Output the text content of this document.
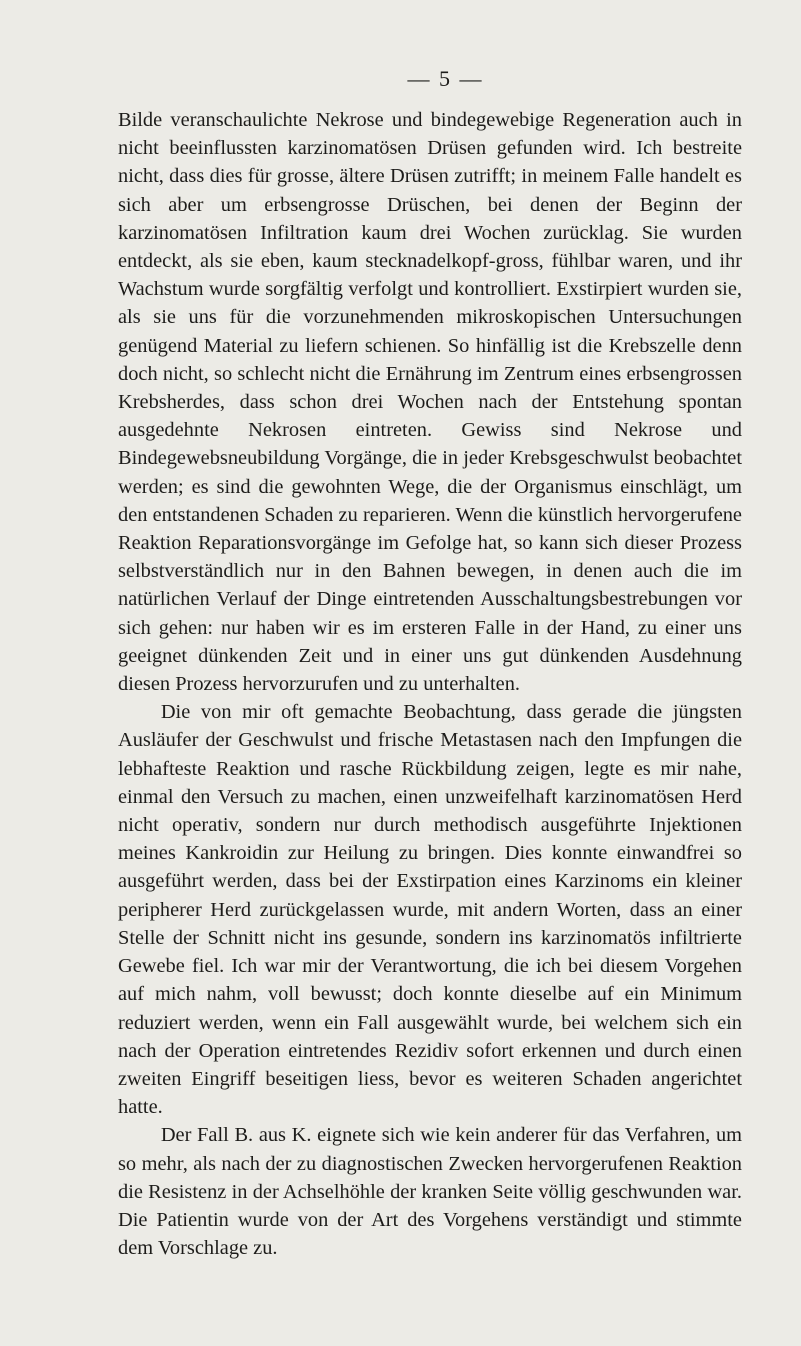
— 5 —

Bilde veranschaulichte Nekrose und bindegewebige Regeneration auch in nicht beeinflussten karzinomatösen Drüsen gefunden wird. Ich bestreite nicht, dass dies für grosse, ältere Drüsen zutrifft; in meinem Falle handelt es sich aber um erbsengrosse Drüschen, bei denen der Beginn der karzinomatösen Infiltration kaum drei Wochen zurücklag. Sie wurden entdeckt, als sie eben, kaum stecknadelkopf-gross, fühlbar waren, und ihr Wachstum wurde sorgfältig verfolgt und kontrolliert. Exstirpiert wurden sie, als sie uns für die vorzunehmenden mikroskopischen Untersuchungen genügend Material zu liefern schienen. So hinfällig ist die Krebszelle denn doch nicht, so schlecht nicht die Ernährung im Zentrum eines erbsengrossen Krebsherdes, dass schon drei Wochen nach der Entstehung spontan ausgedehnte Nekrosen eintreten. Gewiss sind Nekrose und Bindegewebsneubildung Vorgänge, die in jeder Krebsgeschwulst beobachtet werden; es sind die gewohnten Wege, die der Organismus einschlägt, um den entstandenen Schaden zu reparieren. Wenn die künstlich hervorgerufene Reaktion Reparationsvorgänge im Gefolge hat, so kann sich dieser Prozess selbstverständlich nur in den Bahnen bewegen, in denen auch die im natürlichen Verlauf der Dinge eintretenden Ausschaltungsbestrebungen vor sich gehen: nur haben wir es im ersteren Falle in der Hand, zu einer uns geeignet dünkenden Zeit und in einer uns gut dünkenden Ausdehnung diesen Prozess hervorzurufen und zu unterhalten.

Die von mir oft gemachte Beobachtung, dass gerade die jüngsten Ausläufer der Geschwulst und frische Metastasen nach den Impfungen die lebhafteste Reaktion und rasche Rückbildung zeigen, legte es mir nahe, einmal den Versuch zu machen, einen unzweifelhaft karzinomatösen Herd nicht operativ, sondern nur durch methodisch ausgeführte Injektionen meines Kankroidin zur Heilung zu bringen. Dies konnte einwandfrei so ausgeführt werden, dass bei der Exstirpation eines Karzinoms ein kleiner peripherer Herd zurückgelassen wurde, mit andern Worten, dass an einer Stelle der Schnitt nicht ins gesunde, sondern ins karzinomatös infiltrierte Gewebe fiel. Ich war mir der Verantwortung, die ich bei diesem Vorgehen auf mich nahm, voll bewusst; doch konnte dieselbe auf ein Minimum reduziert werden, wenn ein Fall ausgewählt wurde, bei welchem sich ein nach der Operation eintretendes Rezidiv sofort erkennen und durch einen zweiten Eingriff beseitigen liess, bevor es weiteren Schaden angerichtet hatte.

Der Fall B. aus K. eignete sich wie kein anderer für das Verfahren, um so mehr, als nach der zu diagnostischen Zwecken hervorgerufenen Reaktion die Resistenz in der Achselhöhle der kranken Seite völlig geschwunden war. Die Patientin wurde von der Art des Vorgehens verständigt und stimmte dem Vorschlage zu.
